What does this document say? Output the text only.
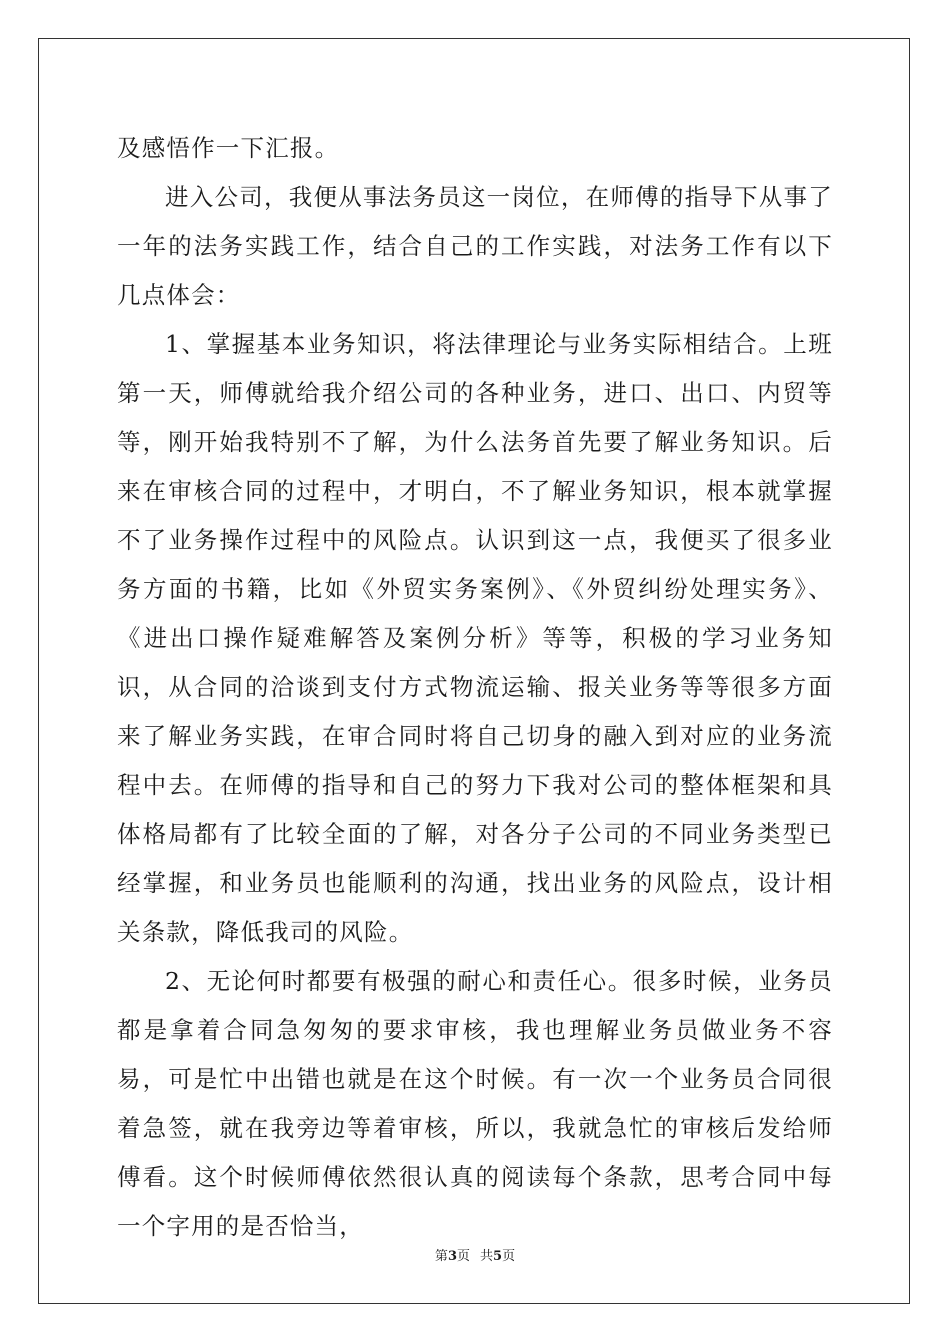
及感悟作一下汇报。

进入公司，我便从事法务员这一岗位，在师傅的指导下从事了一年的法务实践工作，结合自己的工作实践，对法务工作有以下几点体会：

1、掌握基本业务知识，将法律理论与业务实际相结合。上班第一天，师傅就给我介绍公司的各种业务，进口、出口、内贸等等，刚开始我特别不了解，为什么法务首先要了解业务知识。后来在审核合同的过程中，才明白，不了解业务知识，根本就掌握不了业务操作过程中的风险点。认识到这一点，我便买了很多业务方面的书籍，比如《外贸实务案例》、《外贸纠纷处理实务》、《进出口操作疑难解答及案例分析》等等，积极的学习业务知识，从合同的洽谈到支付方式物流运输、报关业务等等很多方面来了解业务实践，在审合同时将自己切身的融入到对应的业务流程中去。在师傅的指导和自己的努力下我对公司的整体框架和具体格局都有了比较全面的了解，对各分子公司的不同业务类型已经掌握，和业务员也能顺利的沟通，找出业务的风险点，设计相关条款，降低我司的风险。

2、无论何时都要有极强的耐心和责任心。很多时候，业务员都是拿着合同急匆匆的要求审核，我也理解业务员做业务不容易，可是忙中出错也就是在这个时候。有一次一个业务员合同很着急签，就在我旁边等着审核，所以，我就急忙的审核后发给师傅看。这个时候师傅依然很认真的阅读每个条款，思考合同中每一个字用的是否恰当，

第3页 共5页
